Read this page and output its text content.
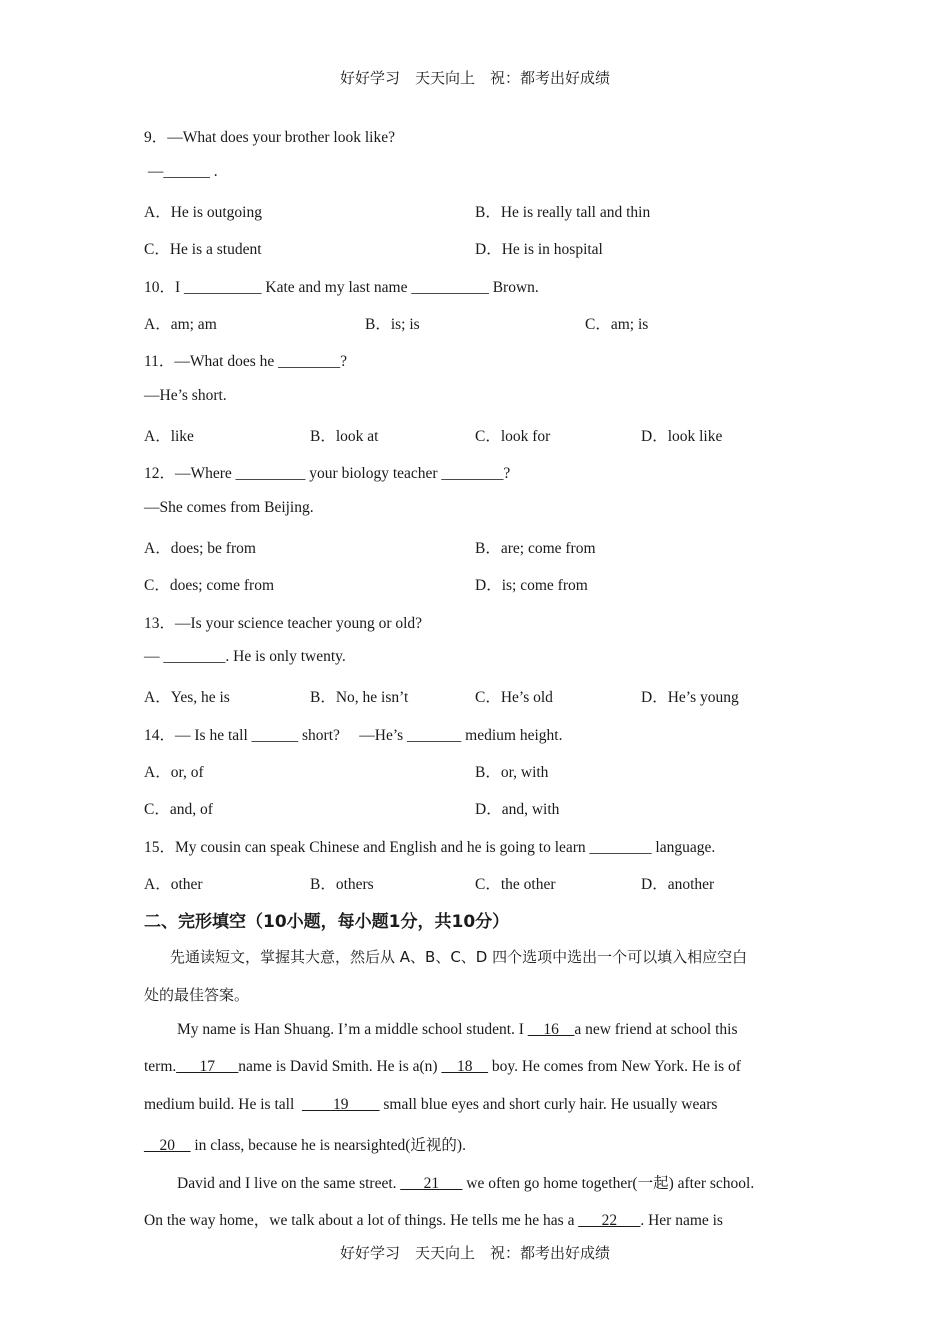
好好学习　天天向上　祝：都考出好成绩
9．—What does your brother look like?
—______ .
A．He is outgoing	B．He is really tall and thin
C．He is a student	D．He is in hospital
10．I __________ Kate and my last name __________ Brown.
A．am; am	B．is; is	C．am; is
11．—What does he ________?
—He’s short.
A．like	B．look at	C．look for	D．look like
12．—Where _________ your biology teacher ________?
—She comes from Beijing.
A．does; be from	B．are; come from
C．does; come from	D．is; come from
13．—Is your science teacher young or old?
— ________. He is only twenty.
A．Yes, he is	B．No, he isn’t	C．He’s old	D．He’s young
14．— Is he tall ______ short?     —He’s _______ medium height.
A．or, of	B．or, with
C．and, of	D．and, with
15．My cousin can speak Chinese and English and he is going to learn ________ language.
A．other	B．others	C．the other	D．another
二、完形填空（10小题，每小题1分，共10分）
先通读短文，掌握其大意，然后从 A、B、C、D 四个选项中选出一个可以填入相应空白
处的最佳答案。
My name is Han Shuang. I’m a middle school student. I __16__a new friend at school this
term.___17___name is David Smith. He is a(n) __18__ boy. He comes from New York. He is of
medium build. He is tall  ____19____ small blue eyes and short curly hair. He usually wears
__20__ in class, because he is nearsighted(近视的).
David and I live on the same street. ___21___ we often go home together(一起) after school.
On the way home，we talk about a lot of things. He tells me he has a ___22___. Her name is
好好学习　天天向上　祝：都考出好成绩
